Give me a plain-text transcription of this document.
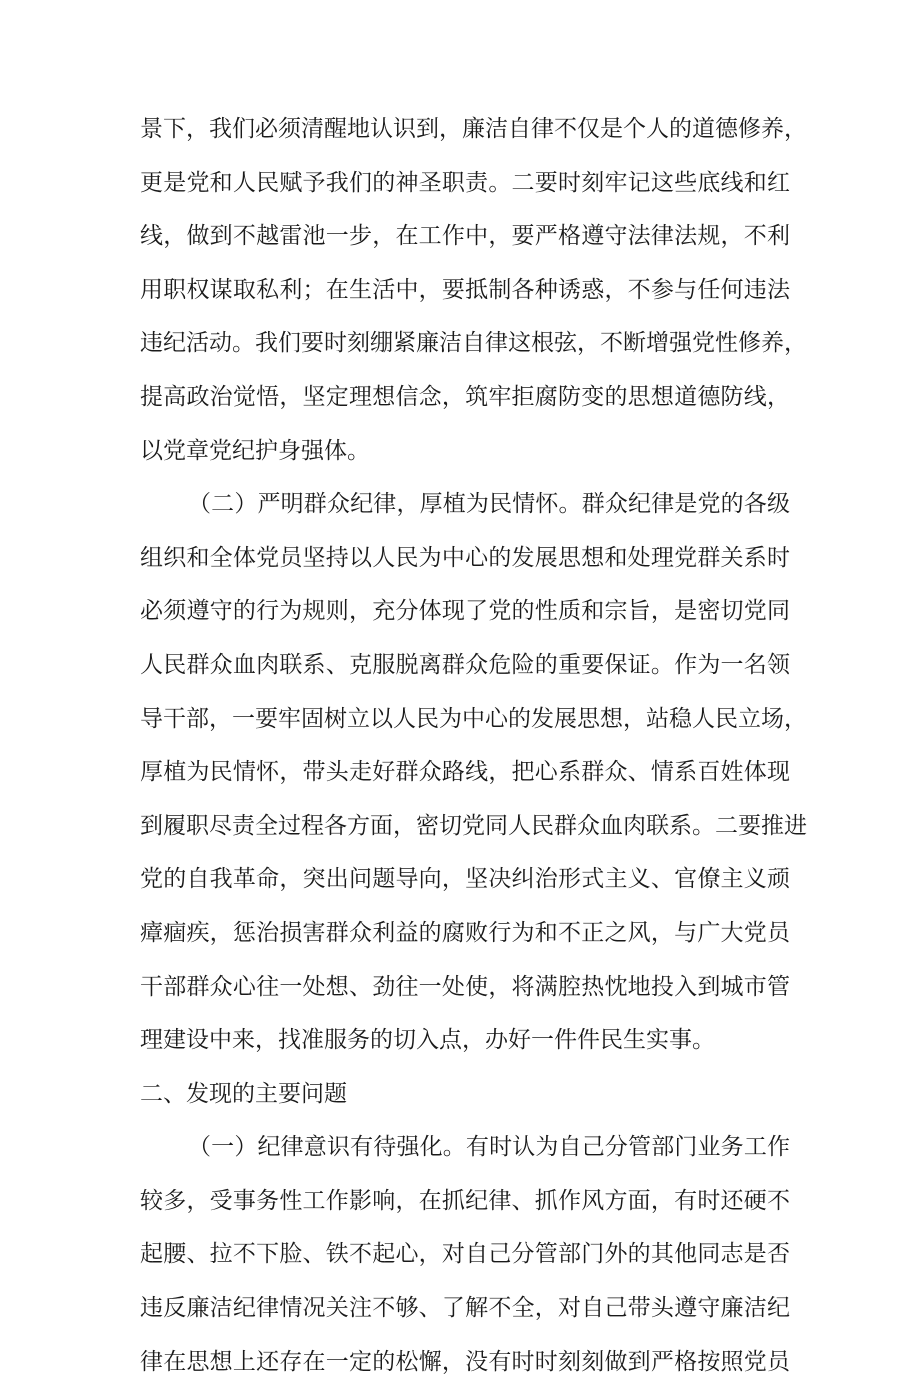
景下，我们必须清醒地认识到，廉洁自律不仅是个人的道德修养，
更是党和人民赋予我们的神圣职责。二要时刻牢记这些底线和红
线，做到不越雷池一步，在工作中，要严格遵守法律法规，不利
用职权谋取私利；在生活中，要抵制各种诱惑，不参与任何违法
违纪活动。我们要时刻绷紧廉洁自律这根弦，不断增强党性修养，
提高政治觉悟，坚定理想信念，筑牢拒腐防变的思想道德防线，
以党章党纪护身强体。
（二）严明群众纪律，厚植为民情怀。群众纪律是党的各级
组织和全体党员坚持以人民为中心的发展思想和处理党群关系时
必须遵守的行为规则，充分体现了党的性质和宗旨，是密切党同
人民群众血肉联系、克服脱离群众危险的重要保证。作为一名领
导干部，一要牢固树立以人民为中心的发展思想，站稳人民立场，
厚植为民情怀，带头走好群众路线，把心系群众、情系百姓体现
到履职尽责全过程各方面，密切党同人民群众血肉联系。二要推进
党的自我革命，突出问题导向，坚决纠治形式主义、官僚主义顽
瘴痼疾，惩治损害群众利益的腐败行为和不正之风，与广大党员
干部群众心往一处想、劲往一处使，将满腔热忱地投入到城市管
理建设中来，找准服务的切入点，办好一件件民生实事。
二、发现的主要问题
（一）纪律意识有待强化。有时认为自己分管部门业务工作
较多，受事务性工作影响，在抓纪律、抓作风方面，有时还硬不
起腰、拉不下脸、铁不起心，对自己分管部门外的其他同志是否
违反廉洁纪律情况关注不够、了解不全，对自己带头遵守廉洁纪
律在思想上还存在一定的松懈，没有时时刻刻做到严格按照党员
